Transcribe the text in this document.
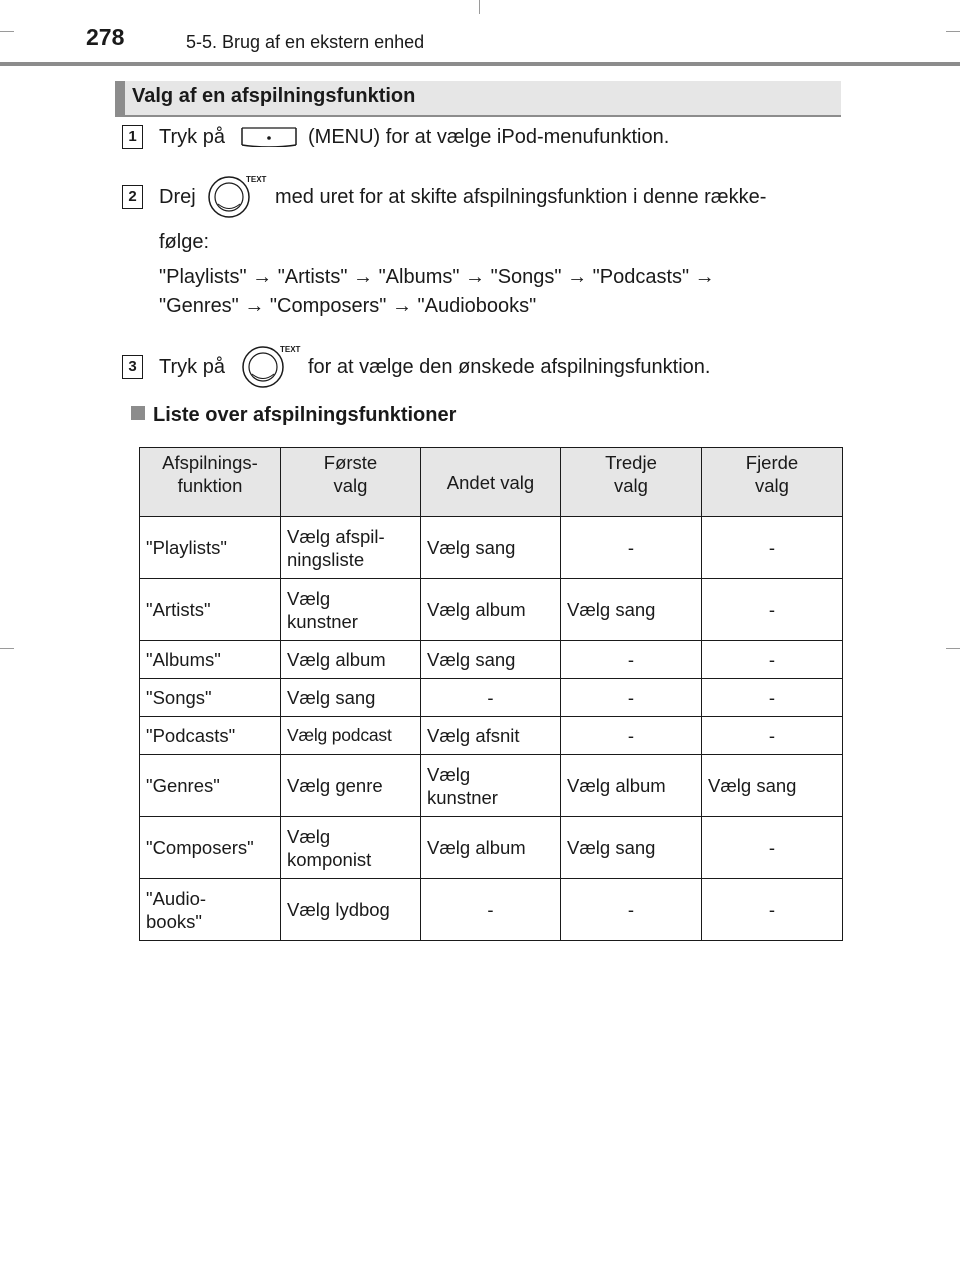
278	5-5. Brug af en ekstern enhed
Valg af en afspilningsfunktion
1	Tryk på	(MENU) for at vælge iPod-menufunktion.
2	Drej
TEXT
med uret for at skifte afspilningsfunktion i denne række-
følge:
"Playlists" → "Artists" → "Albums" → "Songs" → "Podcasts" →
"Genres" → "Composers" → "Audiobooks"
3	Tryk på
TEXT
for at vælge den ønskede afspilningsfunktion.
Liste over afspilningsfunktioner
Afspilnings-
funktion	Første
valg	Andet valg	Tredje
valg	Fjerde
valg
"Playlists"	Vælg afspil-
ningsliste	Vælg sang	-	-
"Artists"	Vælg
kunstner	Vælg album	Vælg sang	-
"Albums"	Vælg album	Vælg sang	-	-
"Songs"	Vælg sang	-	-	-
"Podcasts"	Vælg podcast	Vælg afsnit	-	-
"Genres"	Vælg genre	Vælg
kunstner	Vælg album	Vælg sang
"Composers"	Vælg
komponist	Vælg album	Vælg sang	-
"Audio-
books"	Vælg lydbog	-	-	-
